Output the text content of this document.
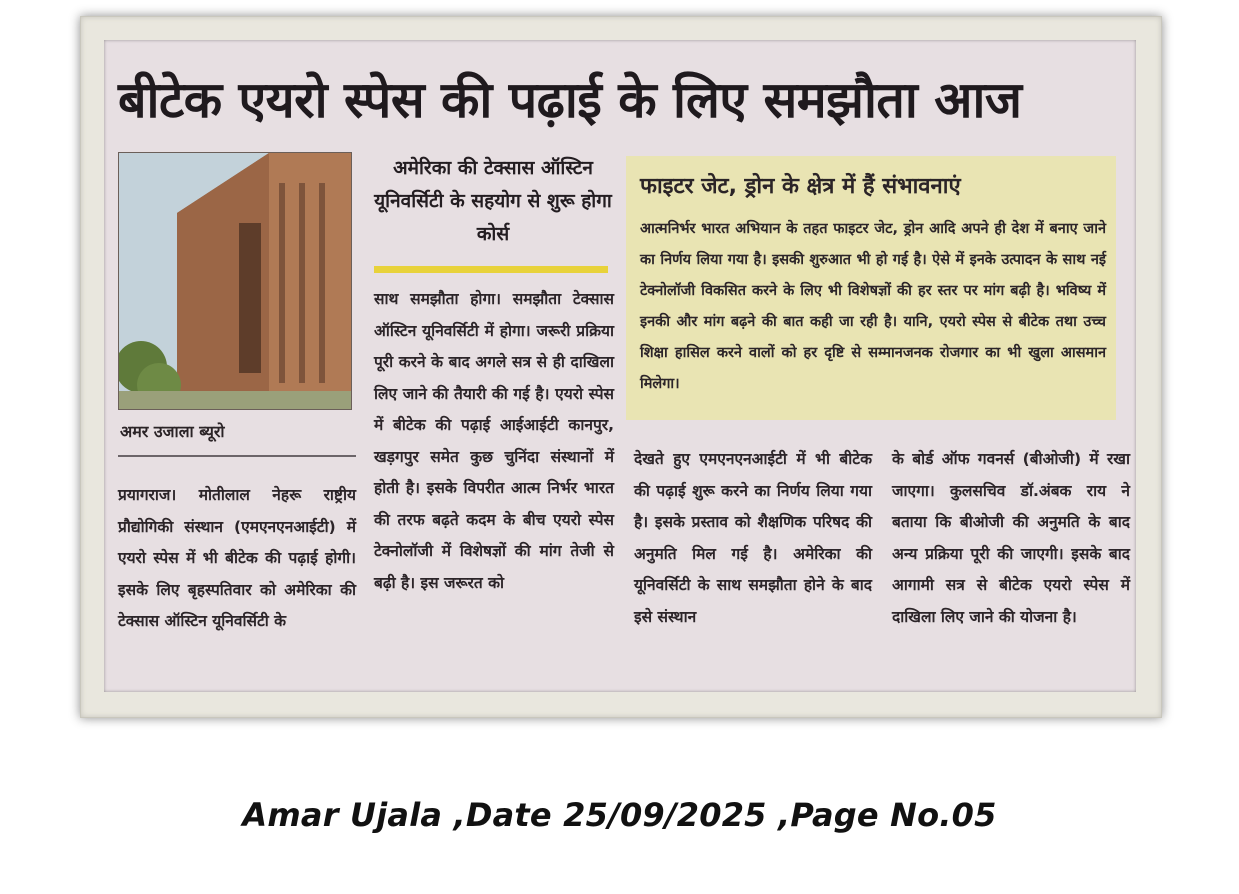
बीटेक एयरो स्पेस की पढ़ाई के लिए समझौता आज
अमर उजाला ब्यूरो
प्रयागराज। मोतीलाल नेहरू राष्ट्रीय प्रौद्योगिकी संस्थान (एमएनएनआईटी) में एयरो स्पेस में भी बीटेक की पढ़ाई होगी। इसके लिए बृहस्पतिवार को अमेरिका की टेक्सास ऑस्टिन यूनिवर्सिटी के
अमेरिका की टेक्सास ऑस्टिन यूनिवर्सिटी के सहयोग से शुरू होगा कोर्स
साथ समझौता होगा। समझौता टेक्सास ऑस्टिन यूनिवर्सिटी में होगा। जरूरी प्रक्रिया पूरी करने के बाद अगले सत्र से ही दाखिला लिए जाने की तैयारी की गई है। एयरो स्पेस में बीटेक की पढ़ाई आईआईटी कानपुर, खड़गपुर समेत कुछ चुनिंदा संस्थानों में होती है। इसके विपरीत आत्म निर्भर भारत की तरफ बढ़ते कदम के बीच एयरो स्पेस टेक्नोलॉजी में विशेषज्ञों की मांग तेजी से बढ़ी है। इस जरूरत को
फाइटर जेट, ड्रोन के क्षेत्र में हैं संभावनाएं
आत्मनिर्भर भारत अभियान के तहत फाइटर जेट, ड्रोन आदि अपने ही देश में बनाए जाने का निर्णय लिया गया है। इसकी शुरुआत भी हो गई है। ऐसे में इनके उत्पादन के साथ नई टेक्नोलॉजी विकसित करने के लिए भी विशेषज्ञों की हर स्तर पर मांग बढ़ी है। भविष्य में इनकी और मांग बढ़ने की बात कही जा रही है। यानि, एयरो स्पेस से बीटेक तथा उच्च शिक्षा हासिल करने वालों को हर दृष्टि से सम्मानजनक रोजगार का भी खुला आसमान मिलेगा।
देखते हुए एमएनएनआईटी में भी बीटेक की पढ़ाई शुरू करने का निर्णय लिया गया है। इसके प्रस्ताव को शैक्षणिक परिषद की अनुमति मिल गई है। अमेरिका की यूनिवर्सिटी के साथ समझौता होने के बाद इसे संस्थान
के बोर्ड ऑफ गवनर्स (बीओजी) में रखा जाएगा। कुलसचिव डॉ.अंबक राय ने बताया कि बीओजी की अनुमति के बाद अन्य प्रक्रिया पूरी की जाएगी। इसके बाद आगामी सत्र से बीटेक एयरो स्पेस में दाखिला लिए जाने की योजना है।
Amar Ujala ,Date 25/09/2025 ,Page No.05
